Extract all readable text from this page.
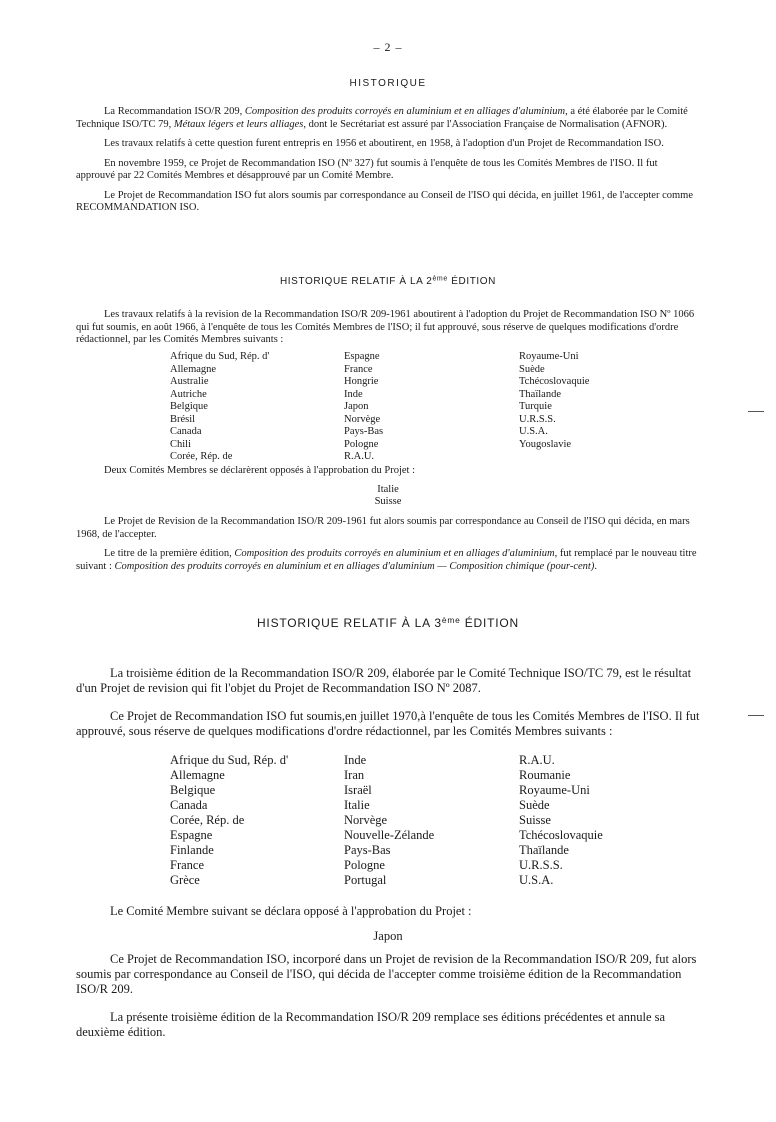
– 2 –
HISTORIQUE

La Recommandation ISO/R 209, Composition des produits corroyés en aluminium et en alliages d'aluminium, a été élaborée par le Comité Technique ISO/TC 79, Métaux légers et leurs alliages, dont le Secrétariat est assuré par l'Association Française de Normalisation (AFNOR).

Les travaux relatifs à cette question furent entrepris en 1956 et aboutirent, en 1958, à l'adoption d'un Projet de Recommandation ISO.

En novembre 1959, ce Projet de Recommandation ISO (Nº 327) fut soumis à l'enquête de tous les Comités Membres de l'ISO. Il fut approuvé par 22 Comités Membres et désapprouvé par un Comité Membre.

Le Projet de Recommandation ISO fut alors soumis par correspondance au Conseil de l'ISO qui décida, en juillet 1961, de l'accepter comme RECOMMANDATION ISO.

HISTORIQUE RELATIF À LA 2ème ÉDITION

Les travaux relatifs à la revision de la Recommandation ISO/R 209-1961 aboutirent à l'adoption du Projet de Recommandation ISO Nº 1066 qui fut soumis, en août 1966, à l'enquête de tous les Comités Membres de l'ISO; il fut approuvé, sous réserve de quelques modifications d'ordre rédactionnel, par les Comités Membres suivants :

Afrique du Sud, Rép. d'
Allemagne
Australie
Autriche
Belgique
Brésil
Canada
Chili
Corée, Rép. de
Espagne
France
Hongrie
Inde
Japon
Norvège
Pays-Bas
Pologne
R.A.U.
Royaume-Uni
Suède
Tchécoslovaquie
Thaïlande
Turquie
U.R.S.S.
U.S.A.
Yougoslavie
Deux Comités Membres se déclarèrent opposés à l'approbation du Projet :
Italie
Suisse

Le Projet de Revision de la Recommandation ISO/R 209-1961 fut alors soumis par correspondance au Conseil de l'ISO qui décida, en mars 1968, de l'accepter.

Le titre de la première édition, Composition des produits corroyés en aluminium et en alliages d'aluminium, fut remplacé par le nouveau titre suivant : Composition des produits corroyés en aluminium et en alliages d'aluminium — Composition chimique (pour-cent).

HISTORIQUE RELATIF À LA 3ème ÉDITION

La troisième édition de la Recommandation ISO/R 209, élaborée par le Comité Technique ISO/TC 79, est le résultat d'un Projet de revision qui fit l'objet du Projet de Recommandation ISO Nº 2087.

Ce Projet de Recommandation ISO fut soumis,en juillet 1970,à l'enquête de tous les Comités Membres de l'ISO. Il fut approuvé, sous réserve de quelques modifications d'ordre rédactionnel, par les Comités Membres suivants :

Afrique du Sud, Rép. d'
Allemagne
Belgique
Canada
Corée, Rép. de
Espagne
Finlande
France
Grèce
Inde
Iran
Israël
Italie
Norvège
Nouvelle-Zélande
Pays-Bas
Pologne
Portugal
R.A.U.
Roumanie
Royaume-Uni
Suède
Suisse
Tchécoslovaquie
Thaïlande
U.R.S.S.
U.S.A.

Le Comité Membre suivant se déclara opposé à l'approbation du Projet :

Japon

Ce Projet de Recommandation ISO, incorporé dans un Projet de revision de la Recommandation ISO/R 209, fut alors soumis par correspondance au Conseil de l'ISO, qui décida de l'accepter comme troisième édition de la Recommandation ISO/R 209.

La présente troisième édition de la Recommandation ISO/R 209 remplace ses éditions précédentes et annule sa deuxième édition.
